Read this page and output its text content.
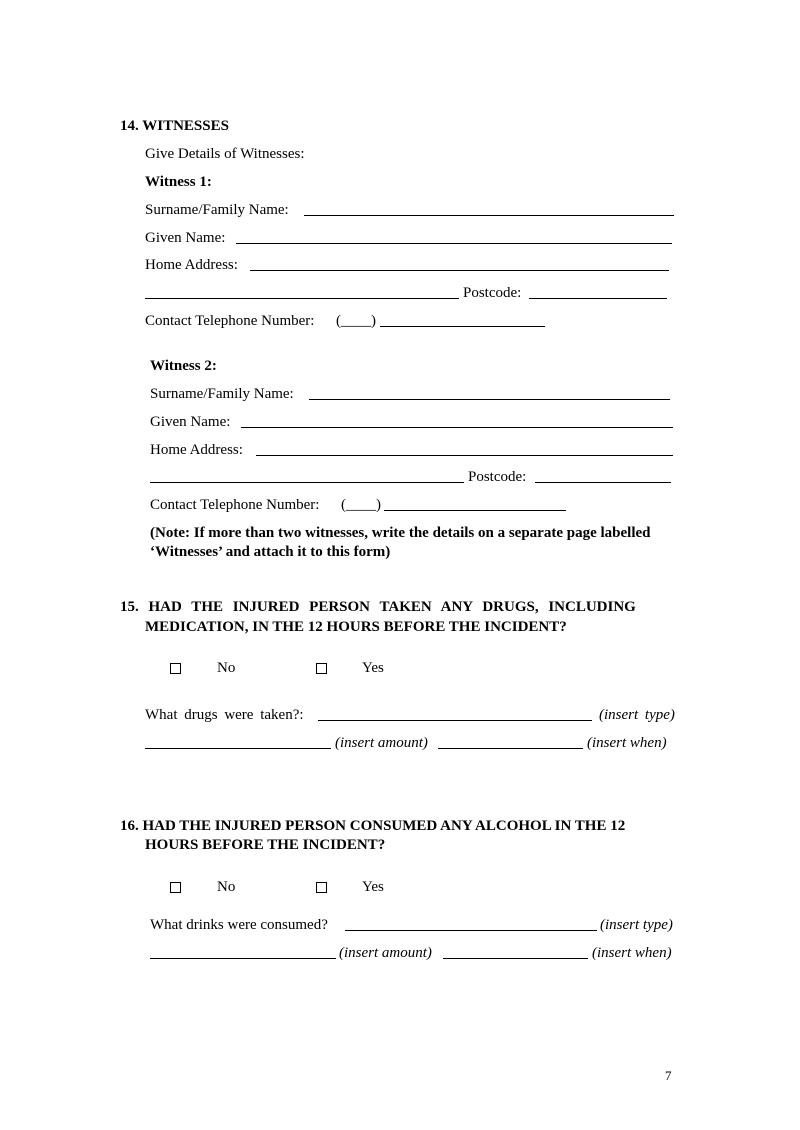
14. WITNESSES
Give Details of Witnesses:
Witness 1:
Surname/Family Name:
Given Name:
Home Address:
Postcode:
Contact Telephone Number: (____)
Witness 2:
Surname/Family Name:
Given Name:
Home Address:
Postcode:
Contact Telephone Number: (____)
(Note: If more than two witnesses, write the details on a separate page labelled
‘Witnesses’ and attach it to this form)
15. HAD THE INJURED PERSON TAKEN ANY DRUGS, INCLUDING
MEDICATION, IN THE 12 HOURS BEFORE THE INCIDENT?
No	Yes
What drugs were taken?:	(insert type)
(insert amount)	(insert when)
16. HAD THE INJURED PERSON CONSUMED ANY ALCOHOL IN THE 12
HOURS BEFORE THE INCIDENT?
No	Yes
What drinks were consumed?	(insert type)
(insert amount)	(insert when)
7
